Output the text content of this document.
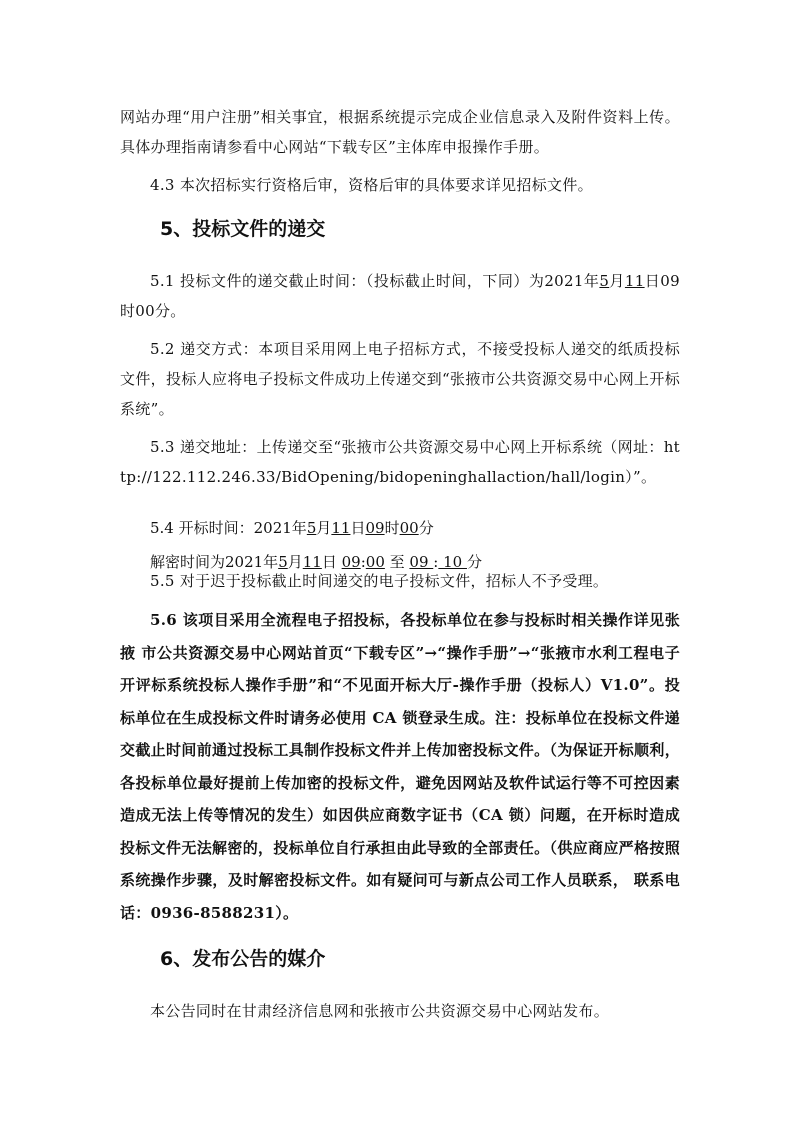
网站办理“用户注册”相关事宜，根据系统提示完成企业信息录入及附件资料上传。具体办理指南请参看中心网站“下载专区”主体库申报操作手册。

4.3 本次招标实行资格后审，资格后审的具体要求详见招标文件。

5、投标文件的递交

5.1 投标文件的递交截止时间：（投标截止时间，下同）为2021年5月11日09时00分。

5.2 递交方式：本项目采用网上电子招标方式，不接受投标人递交的纸质投标文件，投标人应将电子投标文件成功上传递交到“张掖市公共资源交易中心网上开标系统”。

5.3 递交地址：上传递交至“张掖市公共资源交易中心网上开标系统（网址：http://122.112.246.33/BidOpening/bidopeninghallaction/hall/login）”。

5.4 开标时间：2021年5月11日09时00分

解密时间为2021年5月11日 09:00 至 09 : 10 分

5.5 对于迟于投标截止时间递交的电子投标文件，招标人不予受理。

5.6 该项目采用全流程电子招投标，各投标单位在参与投标时相关操作详见张掖 市公共资源交易中心网站首页“下载专区”→“操作手册”→“张掖市水利工程电子开评标系统投标人操作手册”和“不见面开标大厅-操作手册（投标人）V1.0”。投标单位在生成投标文件时请务必使用 CA 锁登录生成。注：投标单位在投标文件递交截止时间前通过投标工具制作投标文件并上传加密投标文件。（为保证开标顺利，各投标单位最好提前上传加密的投标文件，避免因网站及软件试运行等不可控因素造成无法上传等情况的发生）如因供应商数字证书（CA 锁）问题，在开标时造成投标文件无法解密的，投标单位自行承担由此导致的全部责任。（供应商应严格按照系统操作步骤，及时解密投标文件。如有疑问可与新点公司工作人员联系， 联系电话：0936-8588231）。

6、发布公告的媒介

本公告同时在甘肃经济信息网和张掖市公共资源交易中心网站发布。
